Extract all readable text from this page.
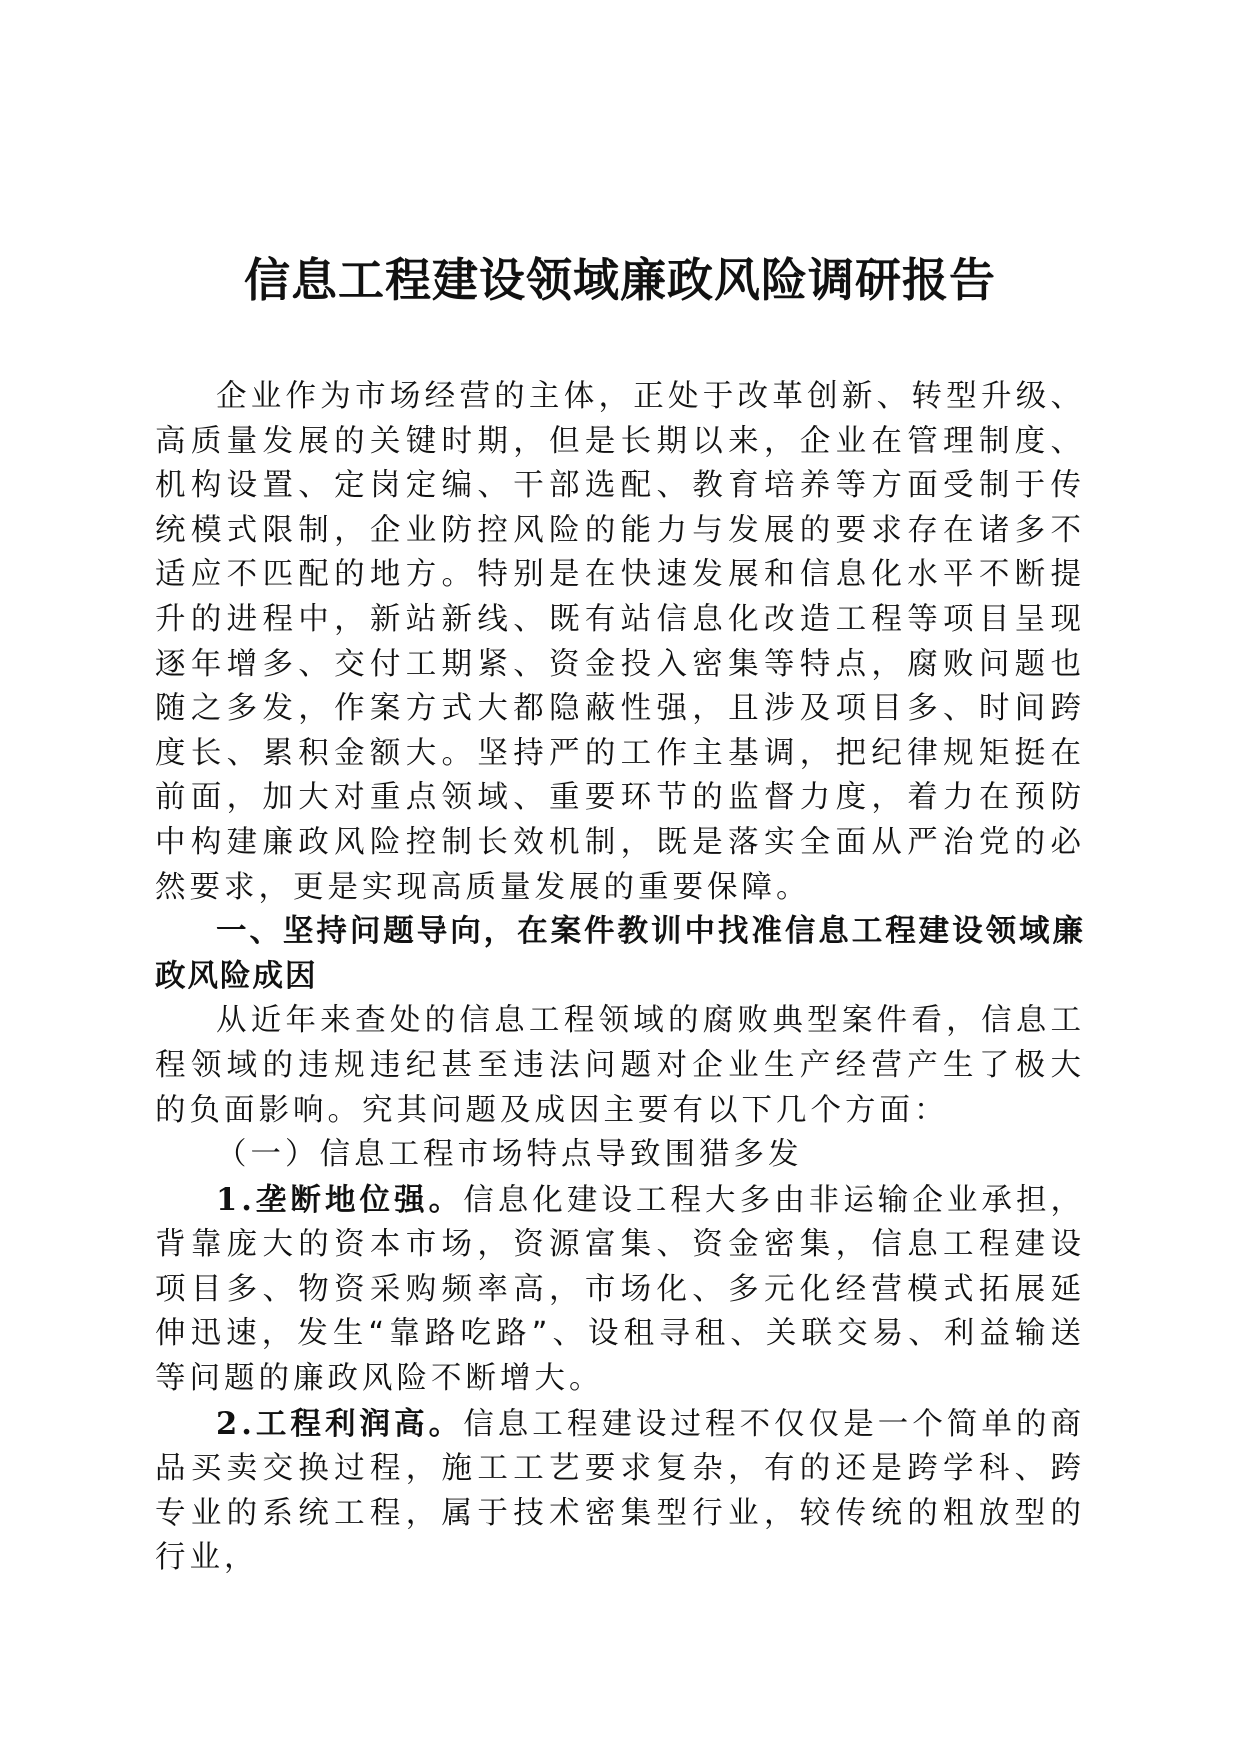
信息工程建设领域廉政风险调研报告

企业作为市场经营的主体，正处于改革创新、转型升级、高质量发展的关键时期，但是长期以来，企业在管理制度、机构设置、定岗定编、干部选配、教育培养等方面受制于传统模式限制，企业防控风险的能力与发展的要求存在诸多不适应不匹配的地方。特别是在快速发展和信息化水平不断提升的进程中，新站新线、既有站信息化改造工程等项目呈现逐年增多、交付工期紧、资金投入密集等特点，腐败问题也随之多发，作案方式大都隐蔽性强，且涉及项目多、时间跨度长、累积金额大。坚持严的工作主基调，把纪律规矩挺在前面，加大对重点领域、重要环节的监督力度，着力在预防中构建廉政风险控制长效机制，既是落实全面从严治党的必然要求，更是实现高质量发展的重要保障。

一、坚持问题导向，在案件教训中找准信息工程建设领域廉政风险成因

从近年来查处的信息工程领域的腐败典型案件看，信息工程领域的违规违纪甚至违法问题对企业生产经营产生了极大的负面影响。究其问题及成因主要有以下几个方面：

（一）信息工程市场特点导致围猎多发

1.垄断地位强。信息化建设工程大多由非运输企业承担，背靠庞大的资本市场，资源富集、资金密集，信息工程建设项目多、物资采购频率高，市场化、多元化经营模式拓展延伸迅速，发生“靠路吃路”、设租寻租、关联交易、利益输送等问题的廉政风险不断增大。

2.工程利润高。信息工程建设过程不仅仅是一个简单的商品买卖交换过程，施工工艺要求复杂，有的还是跨学科、跨专业的系统工程，属于技术密集型行业，较传统的粗放型的行业，
